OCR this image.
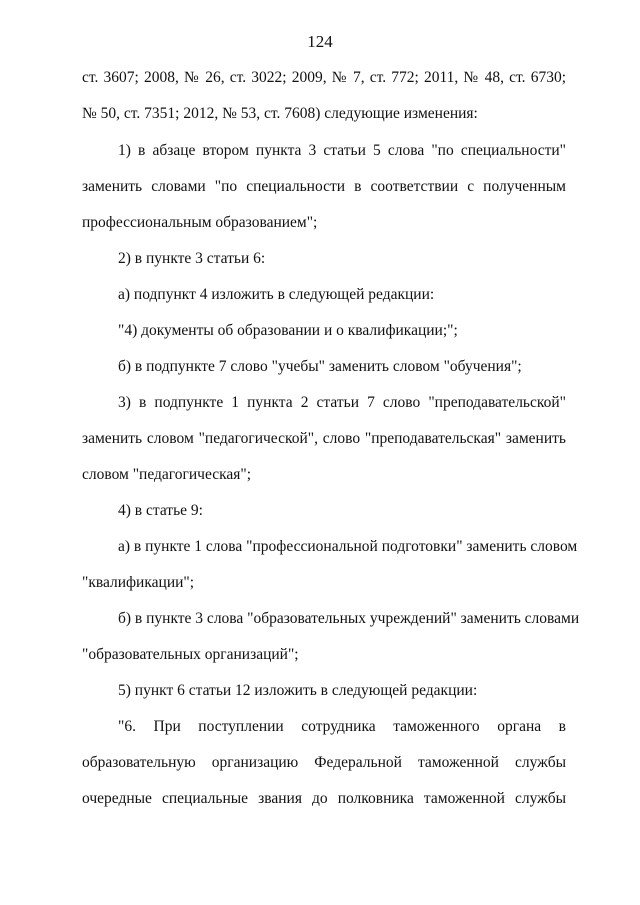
124
ст. 3607; 2008, № 26, ст. 3022; 2009, № 7, ст. 772; 2011, № 48, ст. 6730;
№ 50, ст. 7351; 2012, № 53, ст. 7608) следующие изменения:
1) в абзаце втором пункта 3 статьи 5 слова "по специальности"
заменить словами "по специальности в соответствии с полученным
профессиональным образованием";
2) в пункте 3 статьи 6:
а) подпункт 4 изложить в следующей редакции:
"4) документы об образовании и о квалификации;";
б) в подпункте 7 слово "учебы" заменить словом "обучения";
3) в подпункте 1 пункта 2 статьи 7 слово "преподавательской"
заменить словом "педагогической", слово "преподавательская" заменить
словом "педагогическая";
4) в статье 9:
а) в пункте 1 слова "профессиональной подготовки" заменить словом
"квалификации";
б) в пункте 3 слова "образовательных учреждений" заменить словами
"образовательных организаций";
5) пункт 6 статьи 12 изложить в следующей редакции:
"6. При поступлении сотрудника таможенного органа в
образовательную организацию Федеральной таможенной службы
очередные специальные звания до полковника таможенной службы
